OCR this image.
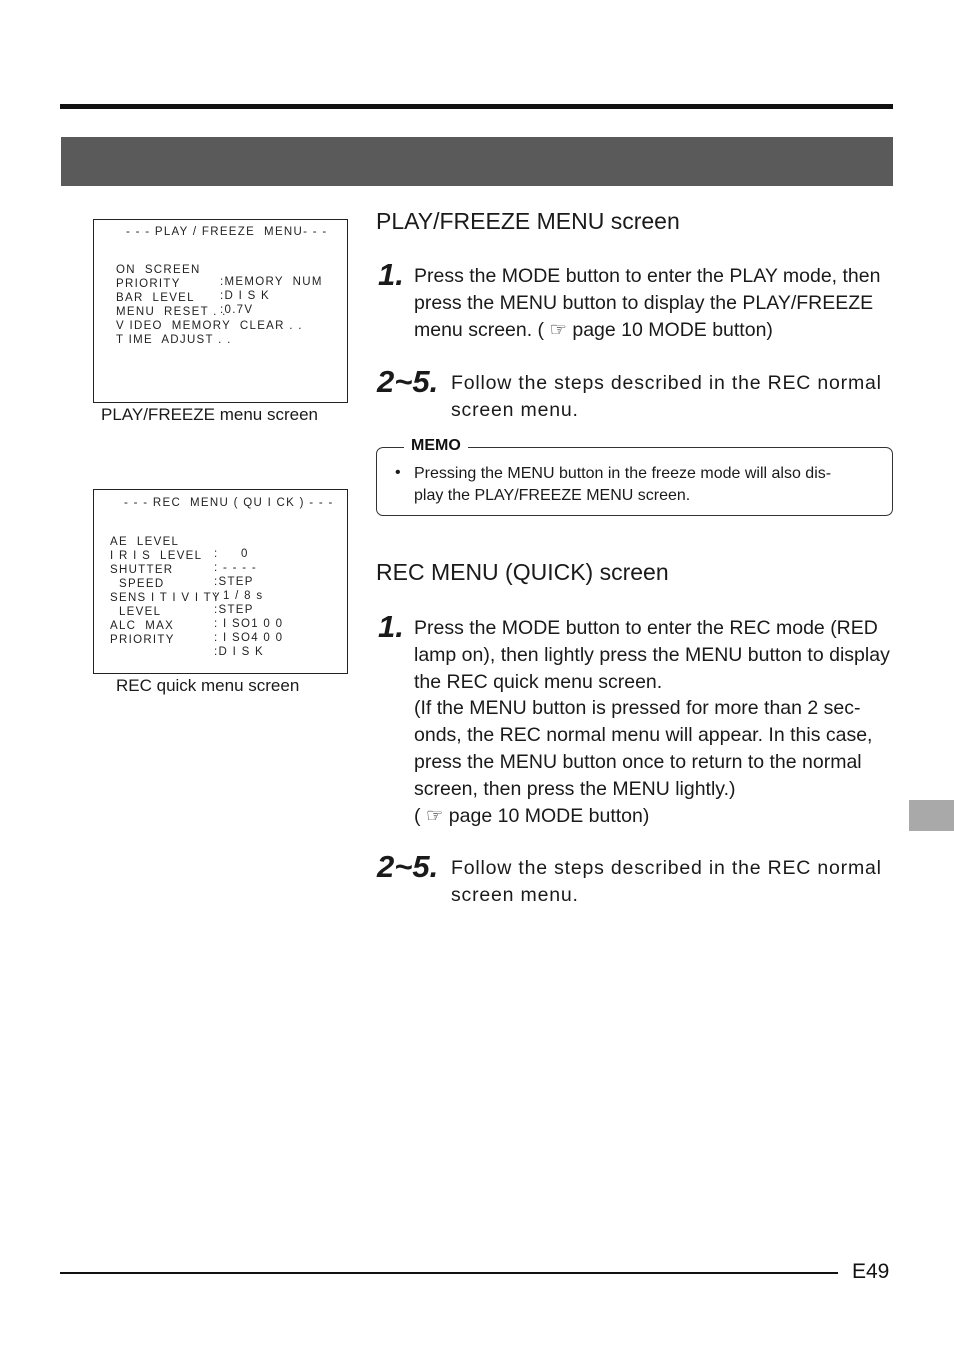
E49
- - - PLAY / FREEZE  MENU- - -

ON  SCREEN

:MEMORY  NUM

PRIORITY

:D I S K

BAR  LEVEL

:0.7V

MENU  RESET . .

V IDEO  MEMORY  CLEAR . .

T IME  ADJUST . .

PLAY/FREEZE menu screen
- - - REC  MENU ( QU I CK ) - - -

AE  LEVEL

:     0

I R I S  LEVEL

: - - - -

SHUTTER

:STEP

SPEED

: 1 / 8 s

SENS I T I V I TY

:STEP

LEVEL

: I SO1 0 0

ALC  MAX

: I SO4 0 0

PRIORITY

:D I S K

REC quick menu screen
PLAY/FREEZE MENU screen
1. Press the MODE button to enter the PLAY mode, then

press the MENU button to display the PLAY/FREEZE

menu screen. ( ☞ page 10 MODE button)

2~5. Follow the steps described in the REC normal

screen menu.

MEMO
• Pressing the MENU button in the freeze mode will also dis-
play the PLAY/FREEZE MENU screen.
REC MENU (QUICK) screen
1. Press the MODE button to enter the REC mode (RED

lamp on), then lightly press the MENU button to display

the REC quick menu screen.

(If the MENU button is pressed for more than 2 sec-

onds, the REC normal menu will appear. In this case,

press the MENU button once to return to the normal

screen, then press the MENU lightly.)

( ☞ page 10 MODE button)

2~5. Follow the steps described in the REC normal

screen menu.
